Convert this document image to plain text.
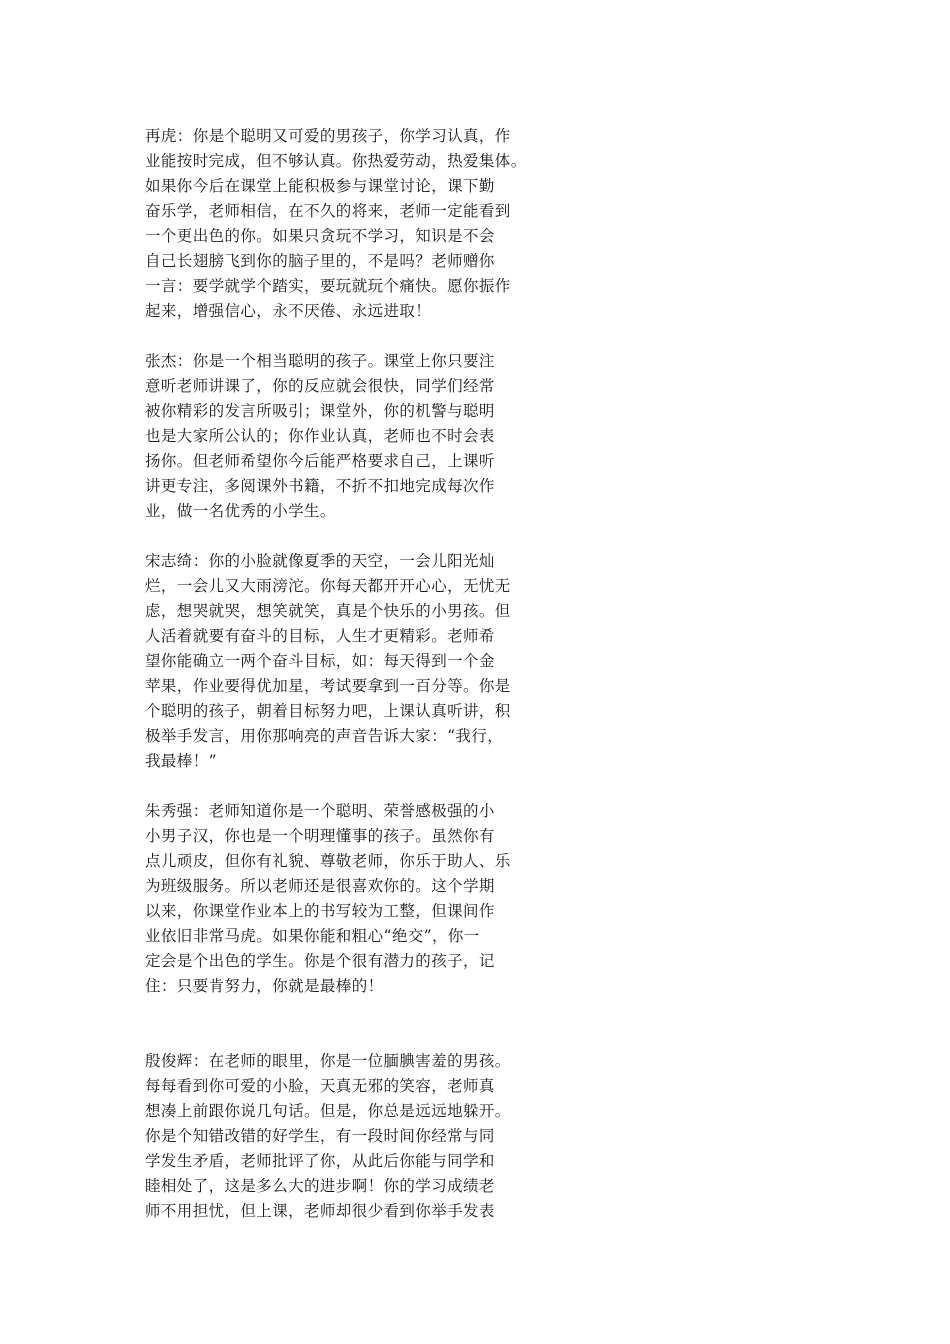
再虎：你是个聪明又可爱的男孩子，你学习认真，作
业能按时完成，但不够认真。你热爱劳动，热爱集体。
如果你今后在课堂上能积极参与课堂讨论，课下勤
奋乐学，老师相信，在不久的将来，老师一定能看到
一个更出色的你。如果只贪玩不学习，知识是不会
自己长翅膀飞到你的脑子里的，不是吗？老师赠你
一言：要学就学个踏实，要玩就玩个痛快。愿你振作
起来，增强信心，永不厌倦、永远进取！

张杰：你是一个相当聪明的孩子。课堂上你只要注
意听老师讲课了，你的反应就会很快，同学们经常
被你精彩的发言所吸引；课堂外，你的机警与聪明
也是大家所公认的；你作业认真，老师也不时会表
扬你。但老师希望你今后能严格要求自己，上课听
讲更专注，多阅课外书籍，不折不扣地完成每次作
业，做一名优秀的小学生。

宋志绮：你的小脸就像夏季的天空，一会儿阳光灿
烂，一会儿又大雨滂沱。你每天都开开心心，无忧无
虑，想哭就哭，想笑就笑，真是个快乐的小男孩。但
人活着就要有奋斗的目标，人生才更精彩。老师希
望你能确立一两个奋斗目标，如：每天得到一个金
苹果，作业要得优加星，考试要拿到一百分等。你是
个聪明的孩子，朝着目标努力吧，上课认真听讲，积
极举手发言，用你那响亮的声音告诉大家：“我行，
我最棒！”

朱秀强：老师知道你是一个聪明、荣誉感极强的小
小男子汉，你也是一个明理懂事的孩子。虽然你有
点儿顽皮，但你有礼貌、尊敬老师，你乐于助人、乐
为班级服务。所以老师还是很喜欢你的。这个学期
以来，你课堂作业本上的书写较为工整，但课间作
业依旧非常马虎。如果你能和粗心“绝交”，你一
定会是个出色的学生。你是个很有潜力的孩子，记
住：只要肯努力，你就是最棒的！

殷俊辉：在老师的眼里，你是一位腼腆害羞的男孩。
每每看到你可爱的小脸，天真无邪的笑容，老师真
想凑上前跟你说几句话。但是，你总是远远地躲开。
你是个知错改错的好学生，有一段时间你经常与同
学发生矛盾，老师批评了你，从此后你能与同学和
睦相处了，这是多么大的进步啊！你的学习成绩老
师不用担忧，但上课，老师却很少看到你举手发表
